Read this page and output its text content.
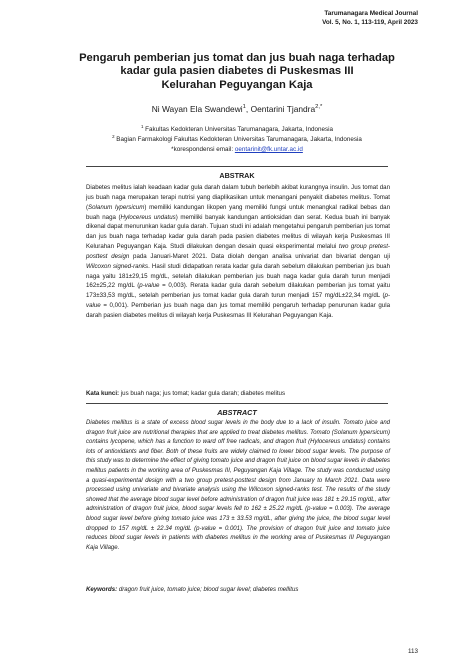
Tarumanagara Medical Journal
Vol. 5, No. 1, 113-119, April 2023
Pengaruh pemberian jus tomat dan jus buah naga terhadap
kadar gula pasien diabetes di Puskesmas III
Kelurahan Peguyangan Kaja
Ni Wayan Ela Swandewi$^1$, Oentarini Tjandra$^{2,*}$
$^1$ Fakultas Kedokteran Universitas Tarumanagara, Jakarta, Indonesia
$^2$ Bagian Farmakologi Fakultas Kedokteran Universitas Tarumanagara, Jakarta, Indonesia
*korespondensi email: oentarinit@fk.untar.ac.id
ABSTRAK

Diabetes melitus ialah keadaan kadar gula darah dalam tubuh berlebih akibat kurangnya insulin. Jus tomat dan jus buah naga merupakan terapi nutrisi yang diaplikasikan untuk menangani penyakit diabetes melitus. Tomat (Solanum lypersicum) memiliki kandungan likopen yang memiliki fungsi untuk menangkal radikal bebas dan buah naga (Hylocereus undatus) memiliki banyak kandungan antioksidan dan serat. Kedua buah ini banyak dikenal dapat menurunkan kadar gula darah. Tujuan studi ini adalah mengetahui pengaruh pemberian jus tomat dan jus buah naga terhadap kadar gula darah pada pasien diabetes melitus di wilayah kerja Puskesmas III Kelurahan Peguyangan Kaja. Studi dilakukan dengan desain quasi eksperimental melalui two group pretest-posttest design pada Januari-Maret 2021. Data diolah dengan analisa univariat dan bivariat dengan uji Wilcoxon signed-ranks. Hasil studi didapatkan rerata kadar gula darah sebelum dilakukan pemberian jus buah naga yaitu 181±29,15 mg/dL, setelah dilakukan pemberian jus buah naga kadar gula darah turun menjadi 162±25,22 mg/dL (p-value = 0,003). Rerata kadar gula darah sebelum dilakukan pemberian jus tomat yaitu 173±33,53 mg/dL, setelah pemberian jus tomat kadar gula darah turun menjadi 157 mg/dL±22,34 mg/dL (p-value = 0,001). Pemberian jus buah naga dan jus tomat memiliki pengaruh terhadap penurunan kadar gula darah pasien diabetes melitus di wilayah kerja Puskesmas III Kelurahan Peguyangan Kaja.

Kata kunci: jus buah naga; jus tomat; kadar gula darah; diabetes melitus
ABSTRACT

Diabetes mellitus is a state of excess blood sugar levels in the body due to a lack of insulin. Tomato juice and dragon fruit juice are nutritional therapies that are applied to treat diabetes mellitus. Tomato (Solanum lypersicum) contains lycopene, which has a function to ward off free radicals, and dragon fruit (Hylocereus undatus) contains lots of antioxidants and fiber. Both of these fruits are widely claimed to lower blood sugar levels. The purpose of this study was to determine the effect of giving tomato juice and dragon fruit juice on blood sugar levels in diabetes mellitus patients in the working area of Puskesmas III, Peguyangan Kaja Village. The study was conducted using a quasi-experimental design with a two group pretest-posttest design from January to March 2021. Data were processed using univariate and bivariate analysis using the Wilcoxon signed-ranks test. The results of the study showed that the average blood sugar level before administration of dragon fruit juice was 181 ± 29.15 mg/dL, after administration of dragon fruit juice, blood sugar levels fell to 162 ± 25.22 mg/dL (p-value = 0.003). The average blood sugar level before giving tomato juice was 173 ± 33.53 mg/dL, after giving the juice, the blood sugar level dropped to 157 mg/dL ± 22.34 mg/dL (p-value = 0.001). The provision of dragon fruit juice and tomato juice reduces blood sugar levels in patients with diabetes mellitus in the working area of Puskesmas III Peguyangan Kaja Village.

Keywords: dragon fruit juice, tomato juice; blood sugar level; diabetes mellitus
113
